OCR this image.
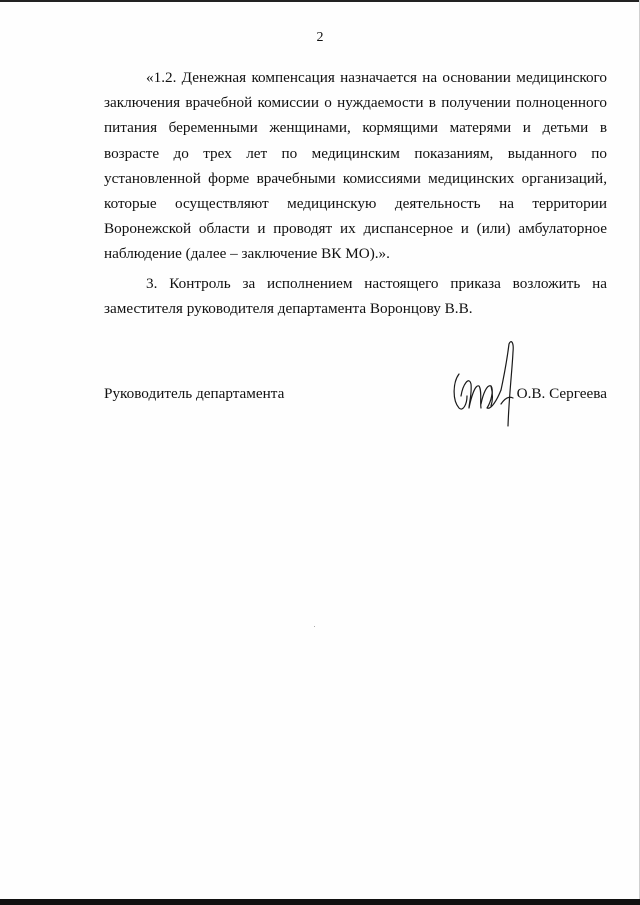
2

«1.2. Денежная компенсация назначается на основании медицинского
заключения врачебной комиссии о нуждаемости в получении полноценного
питания беременными женщинами, кормящими матерями и детьми в
возрасте до трех лет по медицинским показаниям, выданного по
установленной форме врачебными комиссиями медицинских организаций,
которые осуществляют медицинскую деятельность на территории
Воронежской области и проводят их диспансерное и (или) амбулаторное
наблюдение (далее – заключение ВК МО).».

3. Контроль за исполнением настоящего приказа возложить на
заместителя руководителя департамента Воронцову В.В.

Руководитель департамента	О.В. Сергеева
